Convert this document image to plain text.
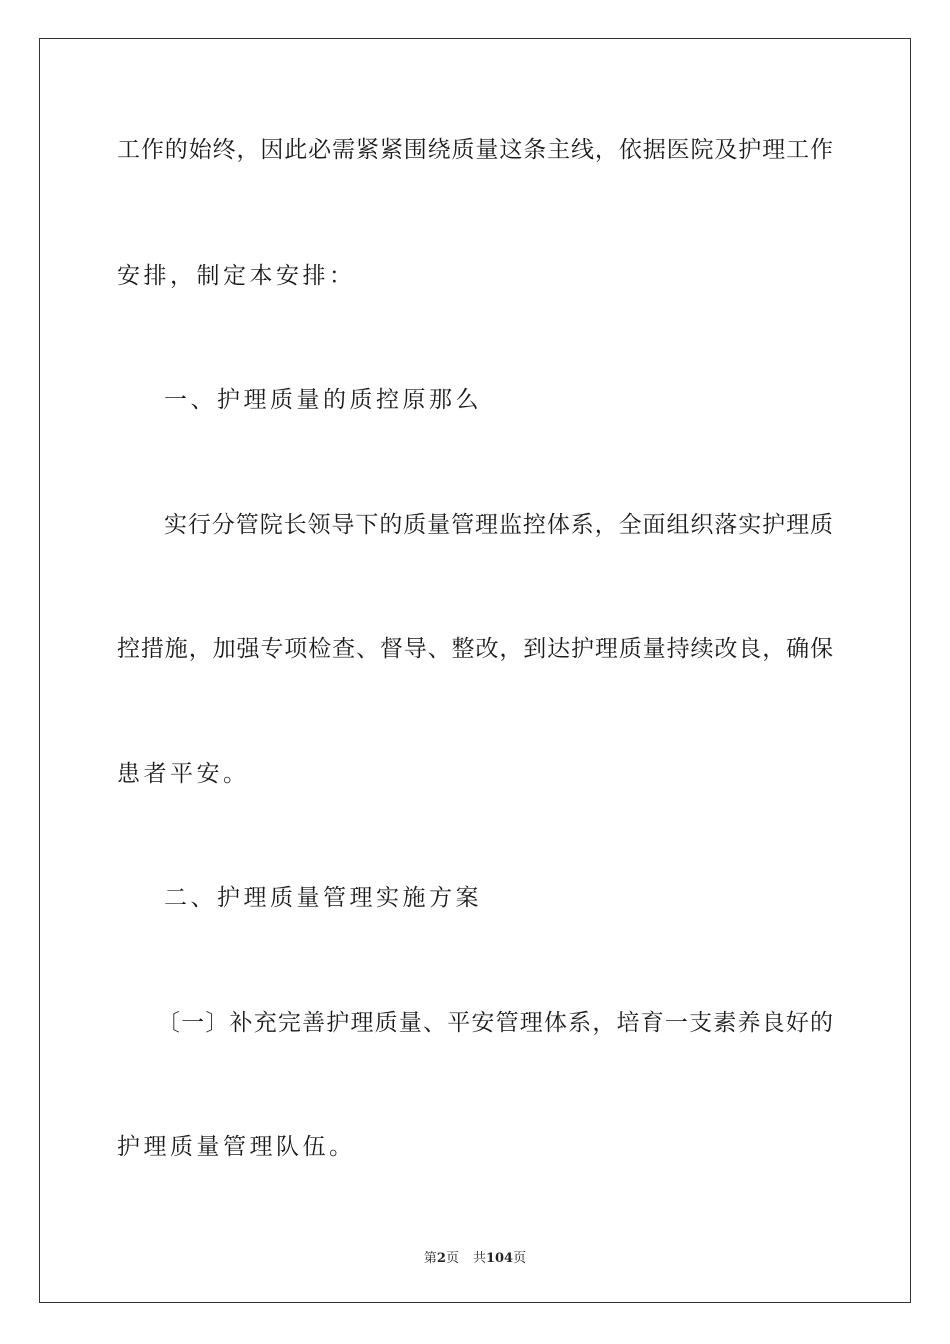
工作的始终，因此必需紧紧围绕质量这条主线，依据医院及护理工作
安排，制定本安排：
一、护理质量的质控原那么
实行分管院长领导下的质量管理监控体系，全面组织落实护理质
控措施，加强专项检查、督导、整改，到达护理质量持续改良，确保
患者平安。
二、护理质量管理实施方案
〔一〕补充完善护理质量、平安管理体系，培育一支素养良好的
护理质量管理队伍。
第2页 共104页
